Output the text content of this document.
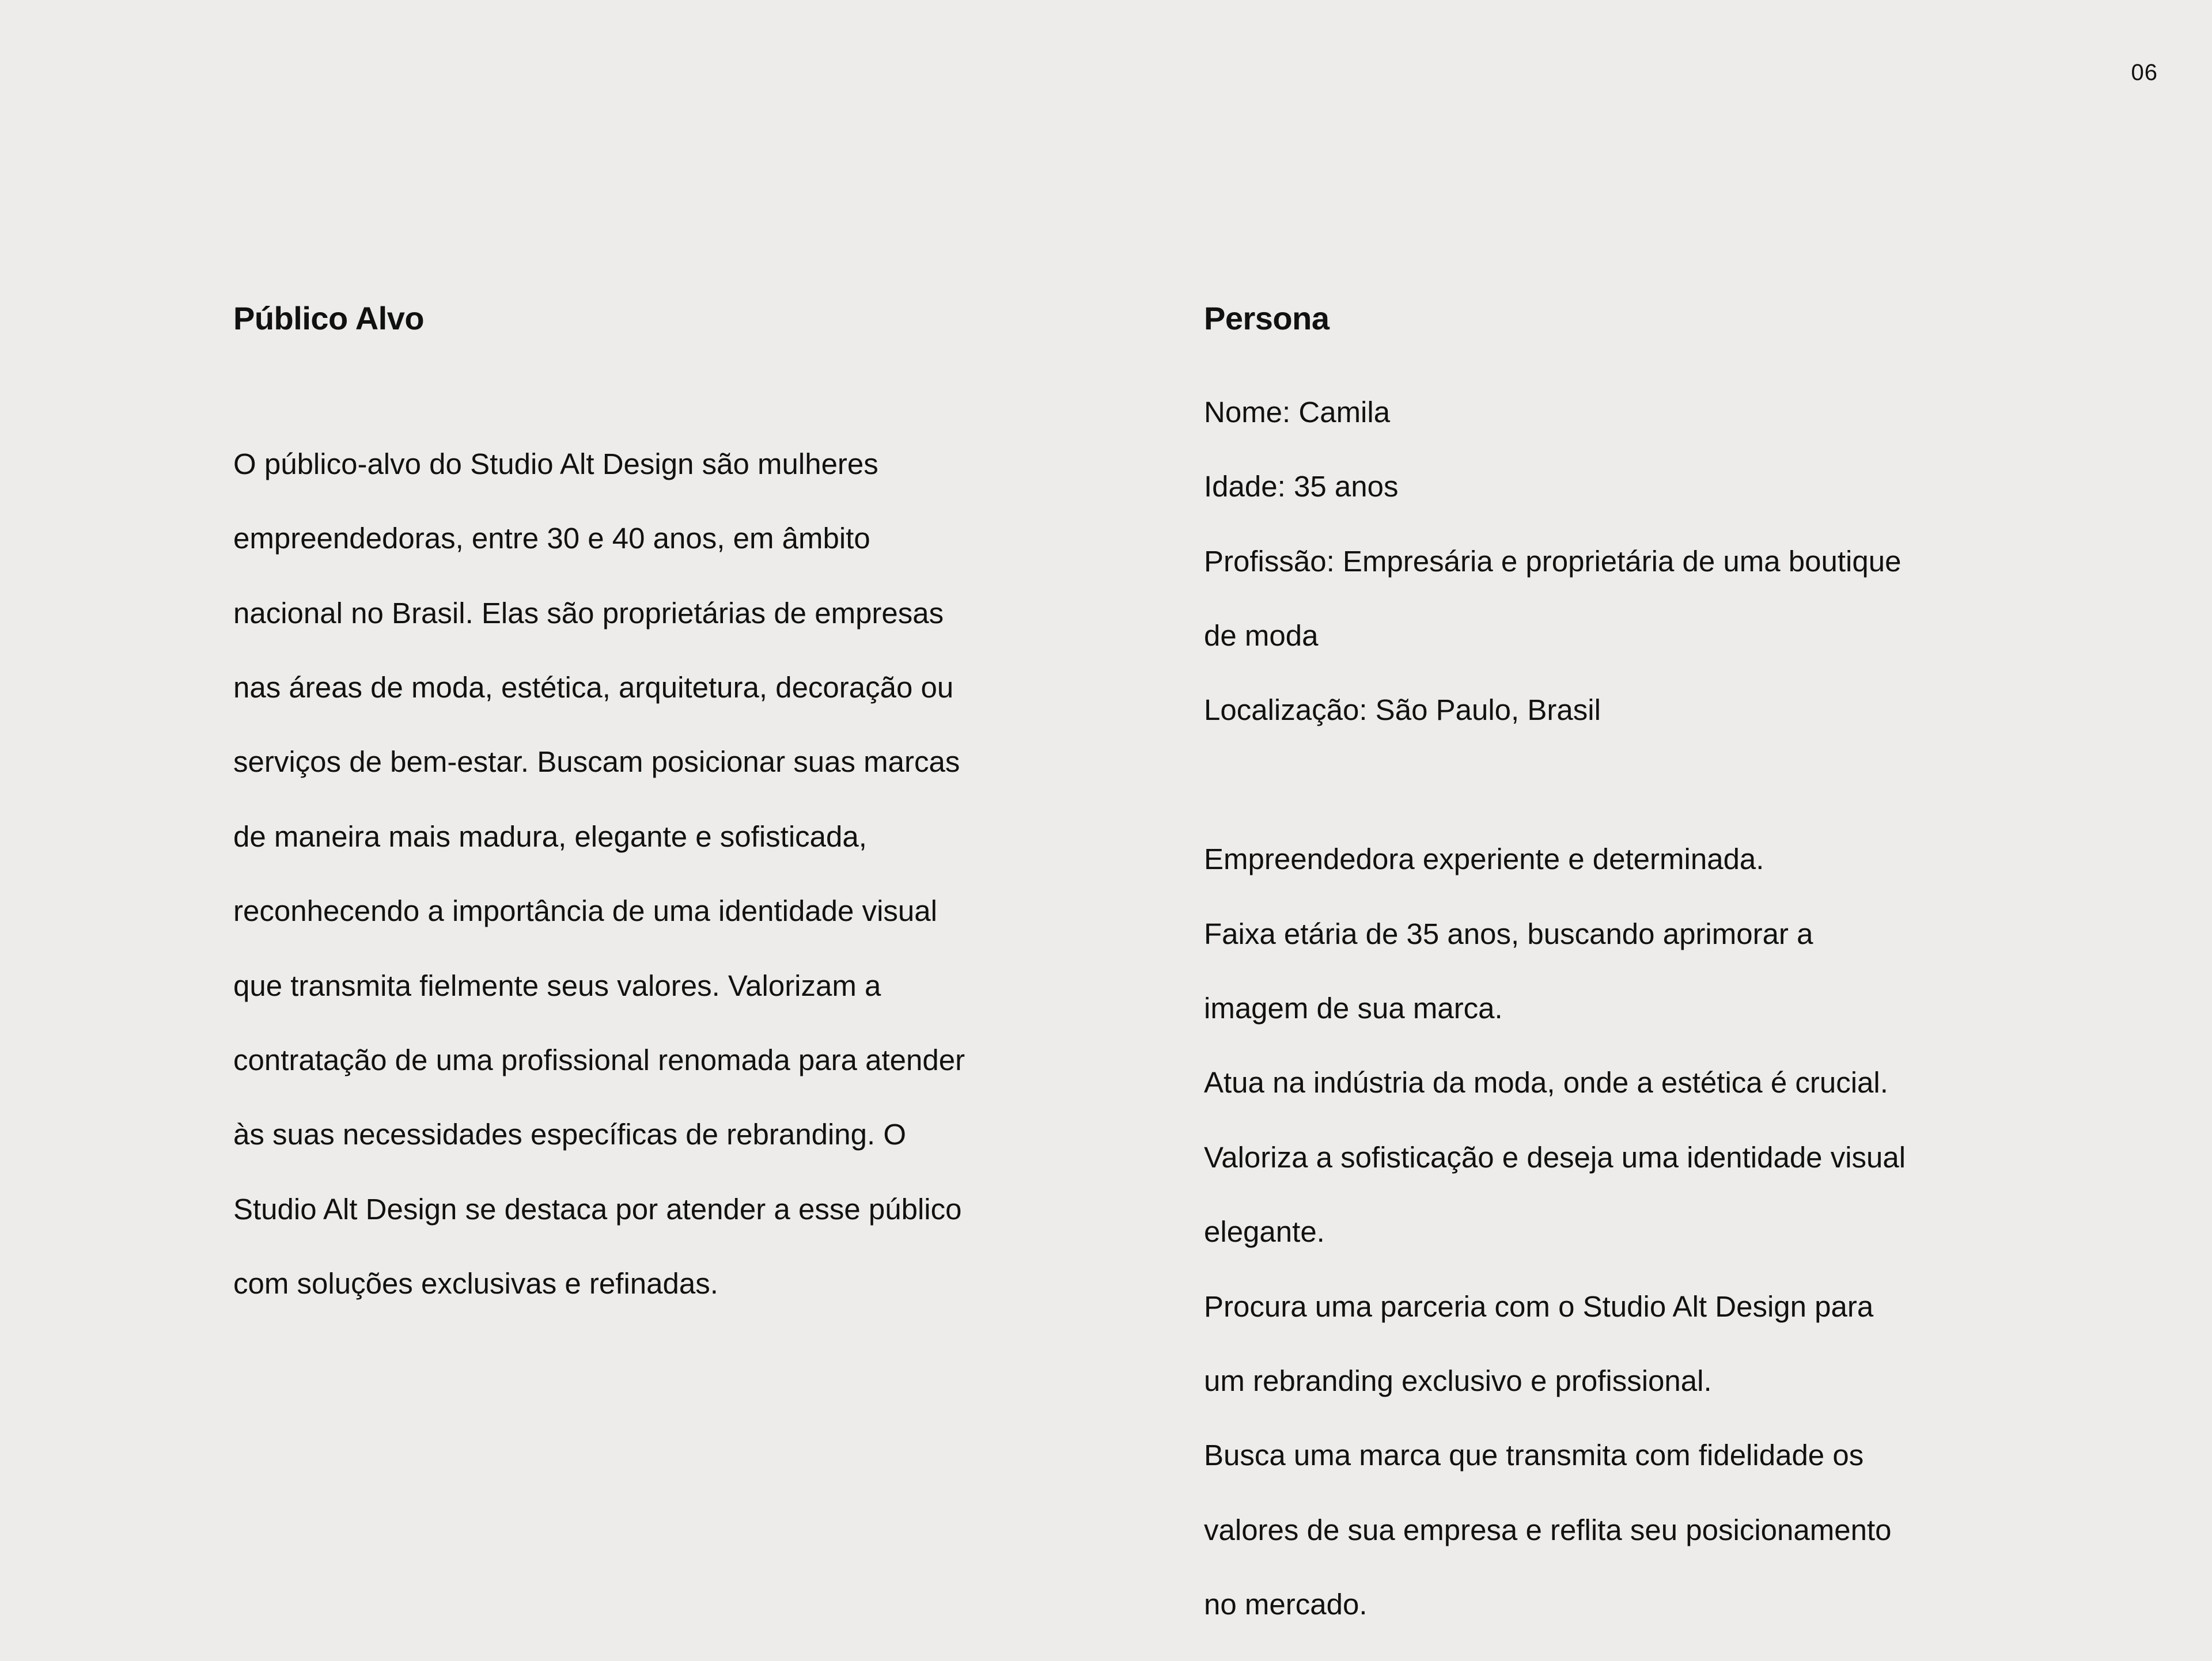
06
Público Alvo

O público-alvo do Studio Alt Design são mulheres

empreendedoras, entre 30 e 40 anos, em âmbito

nacional no Brasil. Elas são proprietárias de empresas

nas áreas de moda, estética, arquitetura, decoração ou

serviços de bem-estar. Buscam posicionar suas marcas

de maneira mais madura, elegante e sofisticada,

reconhecendo a importância de uma identidade visual

que transmita fielmente seus valores. Valorizam a

contratação de uma profissional renomada para atender

às suas necessidades específicas de rebranding. O

Studio Alt Design se destaca por atender a esse público

com soluções exclusivas e refinadas.

Persona

Nome: Camila

Idade: 35 anos

Profissão: Empresária e proprietária de uma boutique

de moda

Localização: São Paulo, Brasil

Empreendedora experiente e determinada.

Faixa etária de 35 anos, buscando aprimorar a

imagem de sua marca.

Atua na indústria da moda, onde a estética é crucial.

Valoriza a sofisticação e deseja uma identidade visual

elegante.

Procura uma parceria com o Studio Alt Design para

um rebranding exclusivo e profissional.

Busca uma marca que transmita com fidelidade os

valores de sua empresa e reflita seu posicionamento

no mercado.
